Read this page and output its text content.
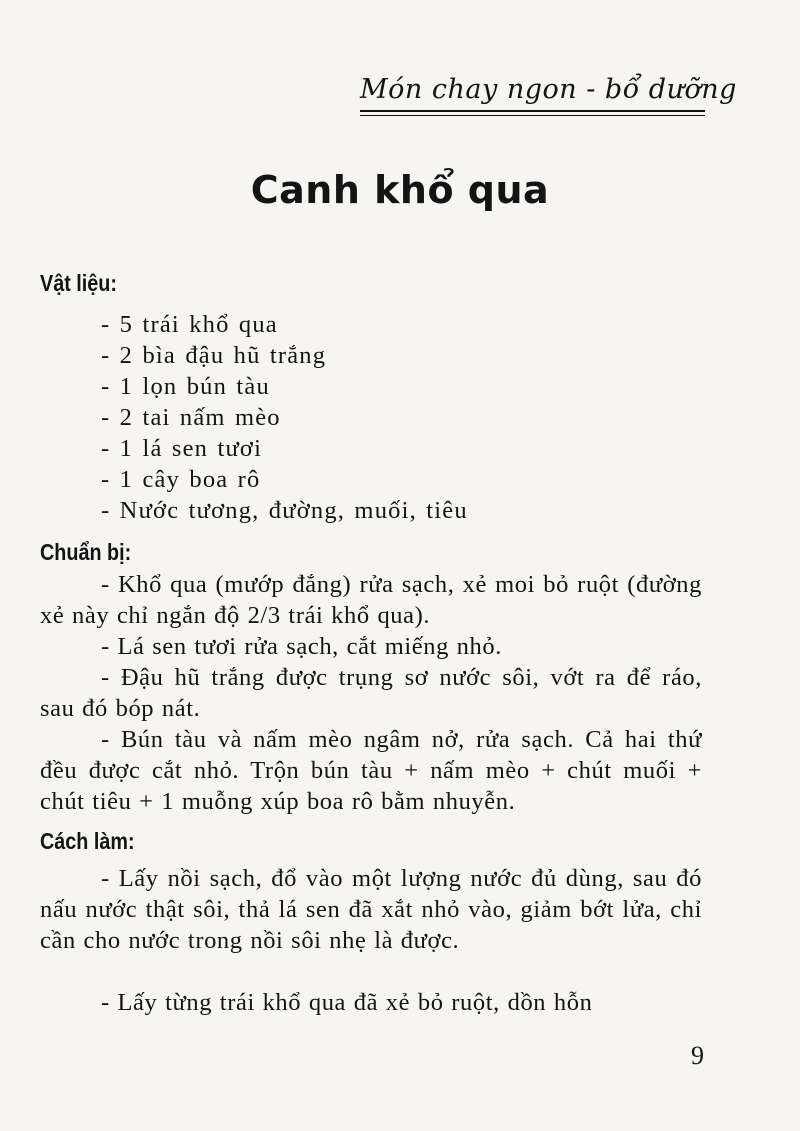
Món chay ngon - bổ dưỡng
Canh khổ qua
Vật liệu:
- 5 trái khổ qua
- 2 bìa đậu hũ trắng
- 1 lọn bún tàu
- 2 tai nấm mèo
- 1 lá sen tươi
- 1 cây boa rô
- Nước tương, đường, muối, tiêu
Chuẩn bị:

- Khổ qua (mướp đắng) rửa sạch, xẻ moi bỏ ruột (đường xẻ này chỉ ngắn độ 2/3 trái khổ qua).

- Lá sen tươi rửa sạch, cắt miếng nhỏ.

- Đậu hũ trắng được trụng sơ nước sôi, vớt ra để ráo, sau đó bóp nát.

- Bún tàu và nấm mèo ngâm nở, rửa sạch. Cả hai thứ đều được cắt nhỏ. Trộn bún tàu + nấm mèo + chút muối + chút tiêu + 1 muỗng xúp boa rô bằm nhuyễn.

Cách làm:

- Lấy nồi sạch, đổ vào một lượng nước đủ dùng, sau đó nấu nước thật sôi, thả lá sen đã xắt nhỏ vào, giảm bớt lửa, chỉ cần cho nước trong nồi sôi nhẹ là được.

- Lấy từng trái khổ qua đã xẻ bỏ ruột, dồn hỗn

9
